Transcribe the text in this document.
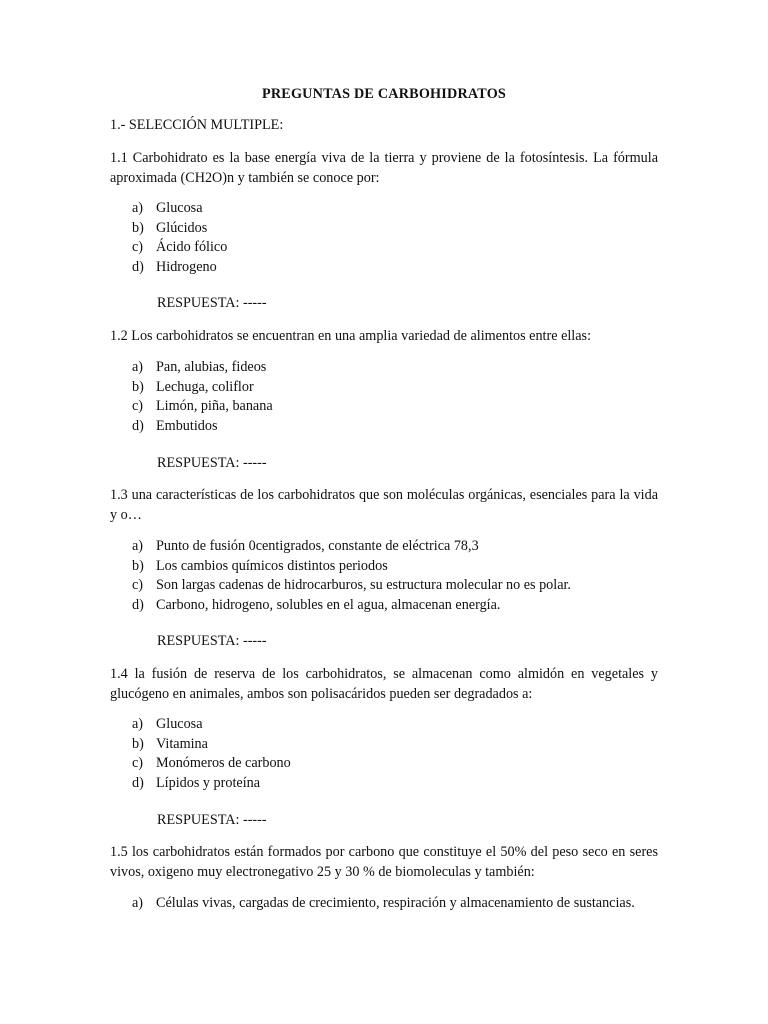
PREGUNTAS DE CARBOHIDRATOS
1.- SELECCIÓN MULTIPLE:
1.1 Carbohidrato es la base energía viva de la tierra y proviene de la fotosíntesis. La fórmula aproximada (CH2O)n y también se conoce por:
a) Glucosa
b) Glúcidos
c) Ácido fólico
d) Hidrogeno
RESPUESTA: -----
1.2 Los carbohidratos se encuentran en una amplia variedad de alimentos entre ellas:
a) Pan, alubias, fideos
b) Lechuga, coliflor
c) Limón, piña, banana
d) Embutidos
RESPUESTA: -----
1.3 una características de los carbohidratos que son moléculas orgánicas, esenciales para la vida y o…
a) Punto de fusión 0centigrados, constante de eléctrica 78,3
b) Los cambios químicos distintos periodos
c) Son largas cadenas de hidrocarburos, su estructura molecular no es polar.
d) Carbono, hidrogeno, solubles en el agua, almacenan energía.
RESPUESTA: -----
1.4 la fusión de reserva de los carbohidratos, se almacenan como almidón en vegetales y glucógeno en animales, ambos son polisacáridos pueden ser degradados a:
a) Glucosa
b) Vitamina
c) Monómeros de carbono
d) Lípidos y proteína
RESPUESTA: -----
1.5 los carbohidratos están formados por carbono que constituye el 50% del peso seco en seres vivos, oxigeno muy electronegativo 25 y 30 % de biomoleculas y también:
a) Células vivas, cargadas de crecimiento, respiración y almacenamiento de sustancias.
